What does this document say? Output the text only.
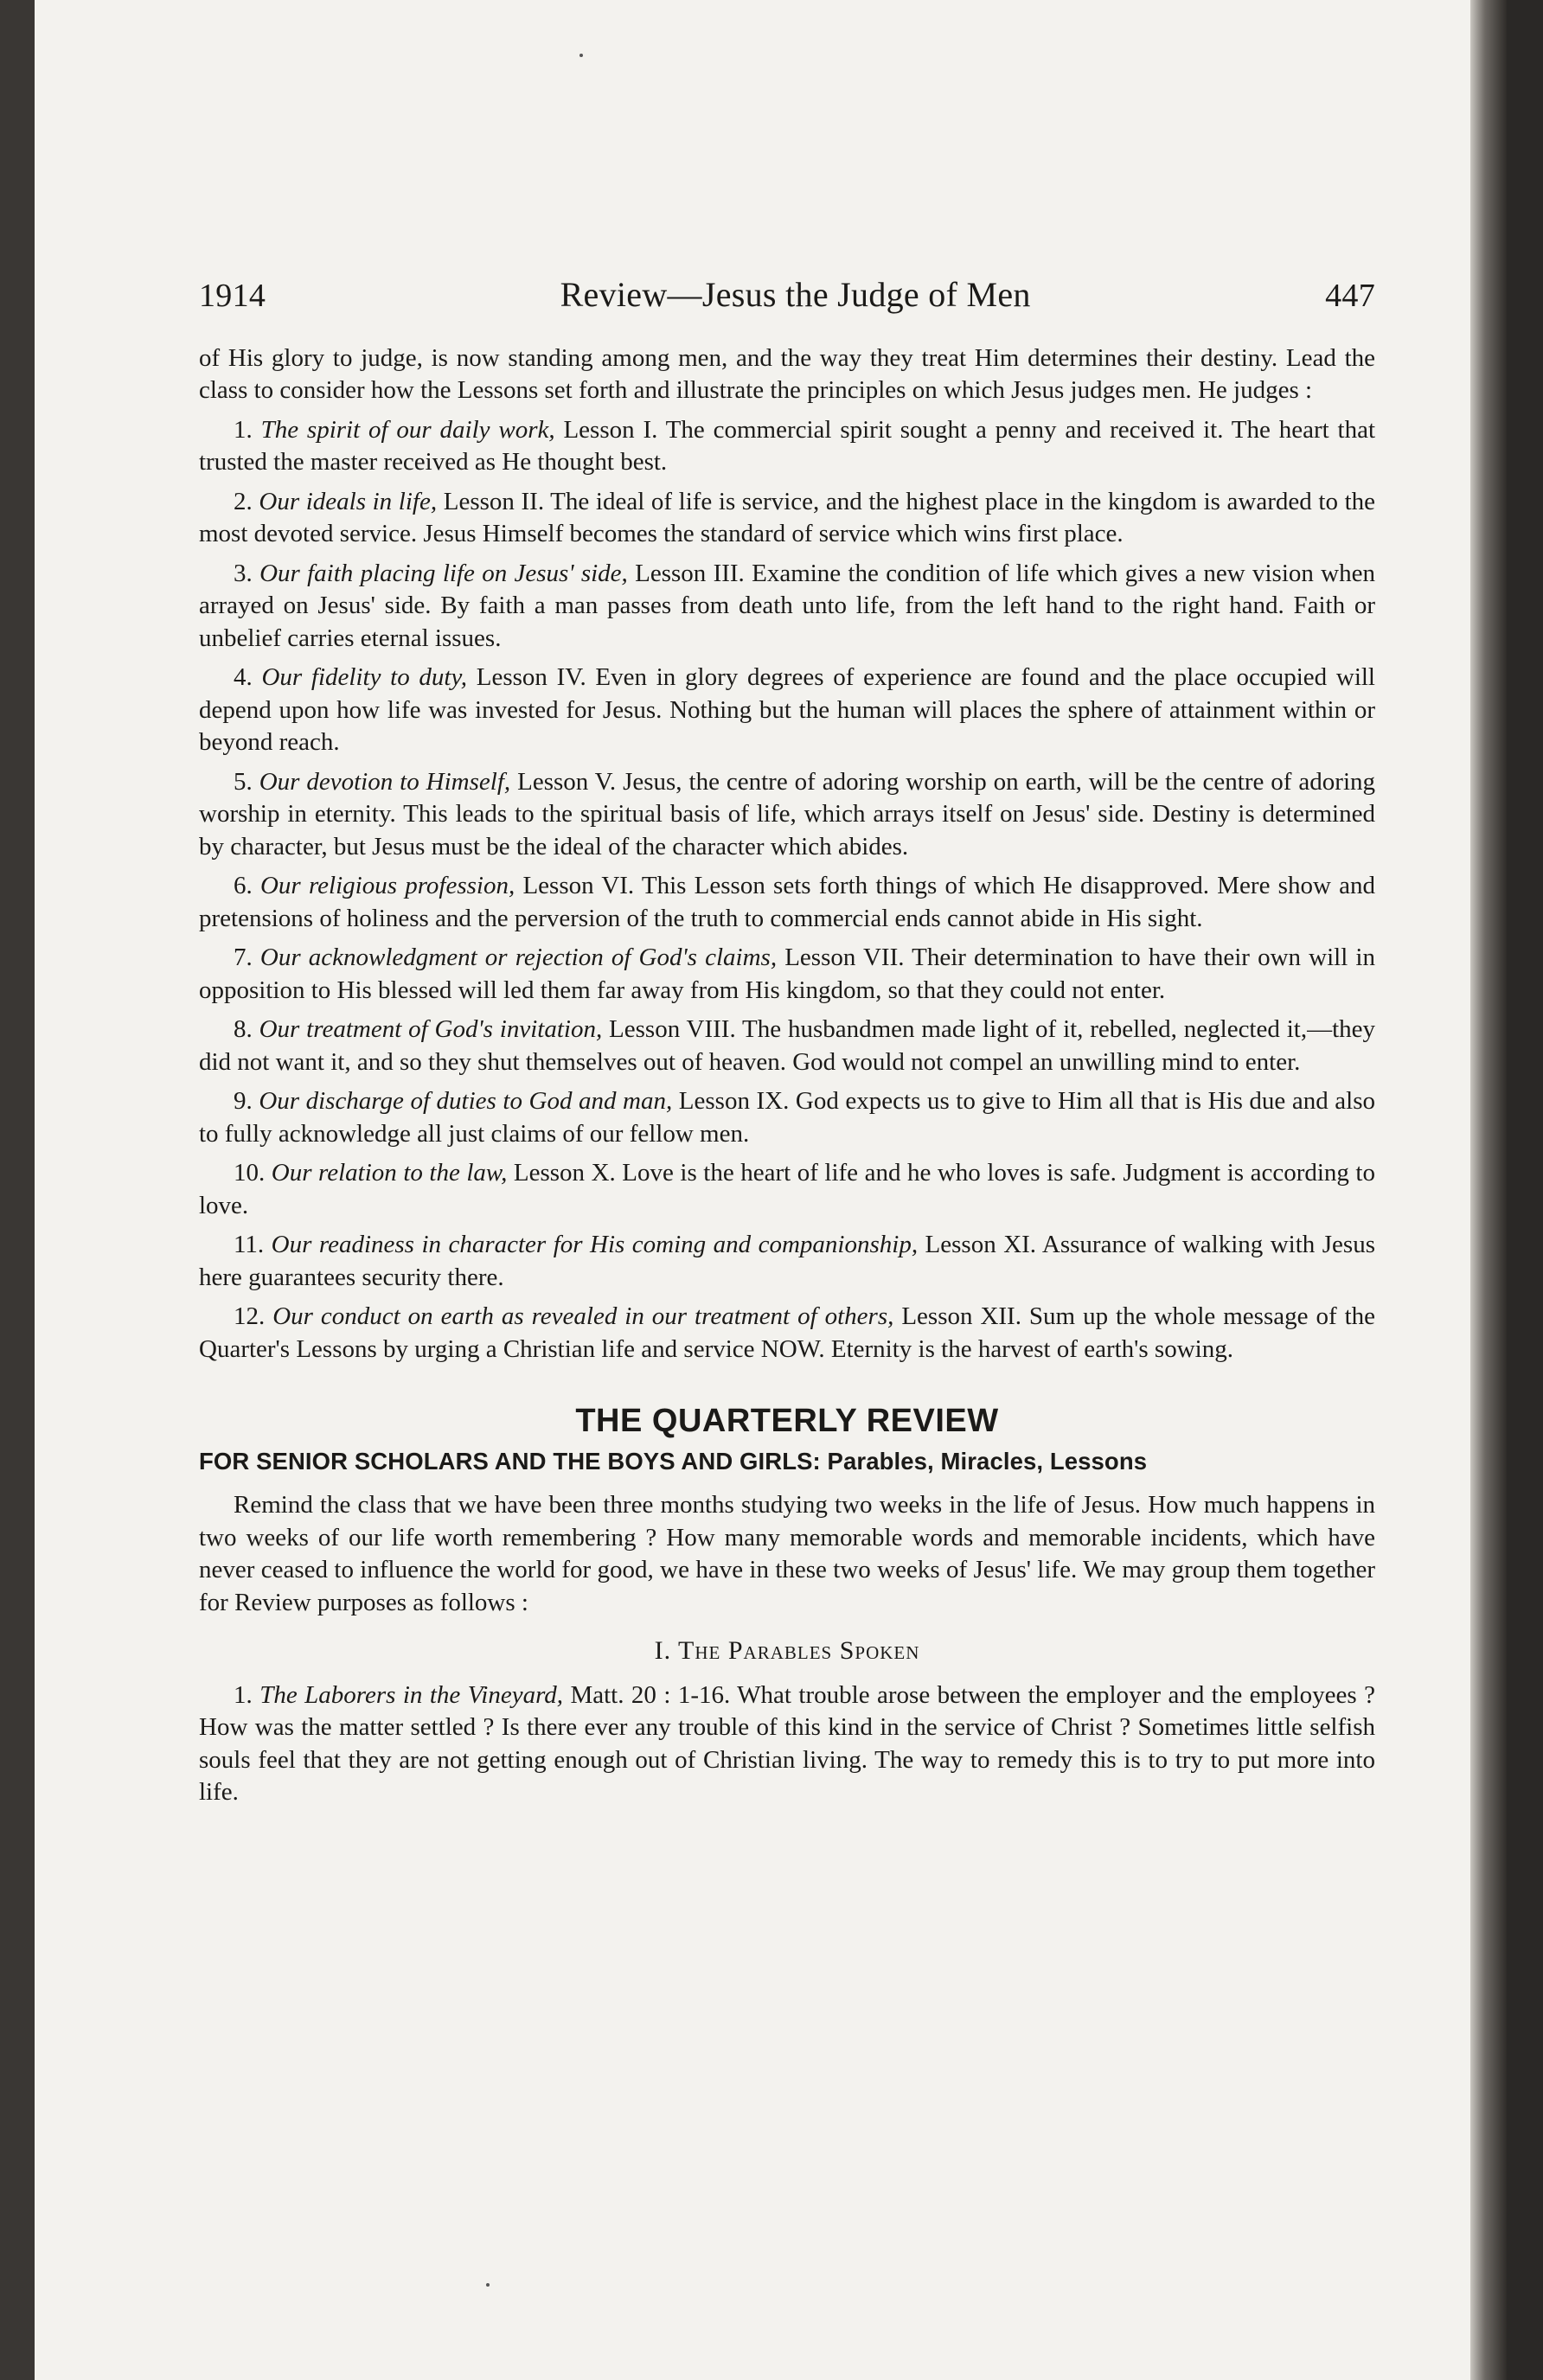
1914	Review—Jesus the Judge of Men	447

of His glory to judge, is now standing among men, and the way they treat Him determines their destiny. Lead the class to consider how the Lessons set forth and illustrate the principles on which Jesus judges men. He judges :

1. The spirit of our daily work, Lesson I. The commercial spirit sought a penny and received it. The heart that trusted the master received as He thought best.

2. Our ideals in life, Lesson II. The ideal of life is service, and the highest place in the kingdom is awarded to the most devoted service. Jesus Himself becomes the standard of service which wins first place.

3. Our faith placing life on Jesus' side, Lesson III. Examine the condition of life which gives a new vision when arrayed on Jesus' side. By faith a man passes from death unto life, from the left hand to the right hand. Faith or unbelief carries eternal issues.

4. Our fidelity to duty, Lesson IV. Even in glory degrees of experience are found and the place occupied will depend upon how life was invested for Jesus. Nothing but the human will places the sphere of attainment within or beyond reach.

5. Our devotion to Himself, Lesson V. Jesus, the centre of adoring worship on earth, will be the centre of adoring worship in eternity. This leads to the spiritual basis of life, which arrays itself on Jesus' side. Destiny is determined by character, but Jesus must be the ideal of the character which abides.

6. Our religious profession, Lesson VI. This Lesson sets forth things of which He disapproved. Mere show and pretensions of holiness and the perversion of the truth to commercial ends cannot abide in His sight.

7. Our acknowledgment or rejection of God's claims, Lesson VII. Their determination to have their own will in opposition to His blessed will led them far away from His kingdom, so that they could not enter.

8. Our treatment of God's invitation, Lesson VIII. The husbandmen made light of it, rebelled, neglected it,—they did not want it, and so they shut themselves out of heaven. God would not compel an unwilling mind to enter.

9. Our discharge of duties to God and man, Lesson IX. God expects us to give to Him all that is His due and also to fully acknowledge all just claims of our fellow men.

10. Our relation to the law, Lesson X. Love is the heart of life and he who loves is safe. Judgment is according to love.

11. Our readiness in character for His coming and companionship, Lesson XI. Assurance of walking with Jesus here guarantees security there.

12. Our conduct on earth as revealed in our treatment of others, Lesson XII. Sum up the whole message of the Quarter's Lessons by urging a Christian life and service NOW. Eternity is the harvest of earth's sowing.

THE QUARTERLY REVIEW
FOR SENIOR SCHOLARS AND THE BOYS AND GIRLS: Parables, Miracles, Lessons

Remind the class that we have been three months studying two weeks in the life of Jesus. How much happens in two weeks of our life worth remembering ? How many memorable words and memorable incidents, which have never ceased to influence the world for good, we have in these two weeks of Jesus' life. We may group them together for Review purposes as follows :

I. The Parables Spoken

1. The Laborers in the Vineyard, Matt. 20 : 1-16. What trouble arose between the employer and the employees ? How was the matter settled ? Is there ever any trouble of this kind in the service of Christ ? Sometimes little selfish souls feel that they are not getting enough out of Christian living. The way to remedy this is to try to put more into life.
